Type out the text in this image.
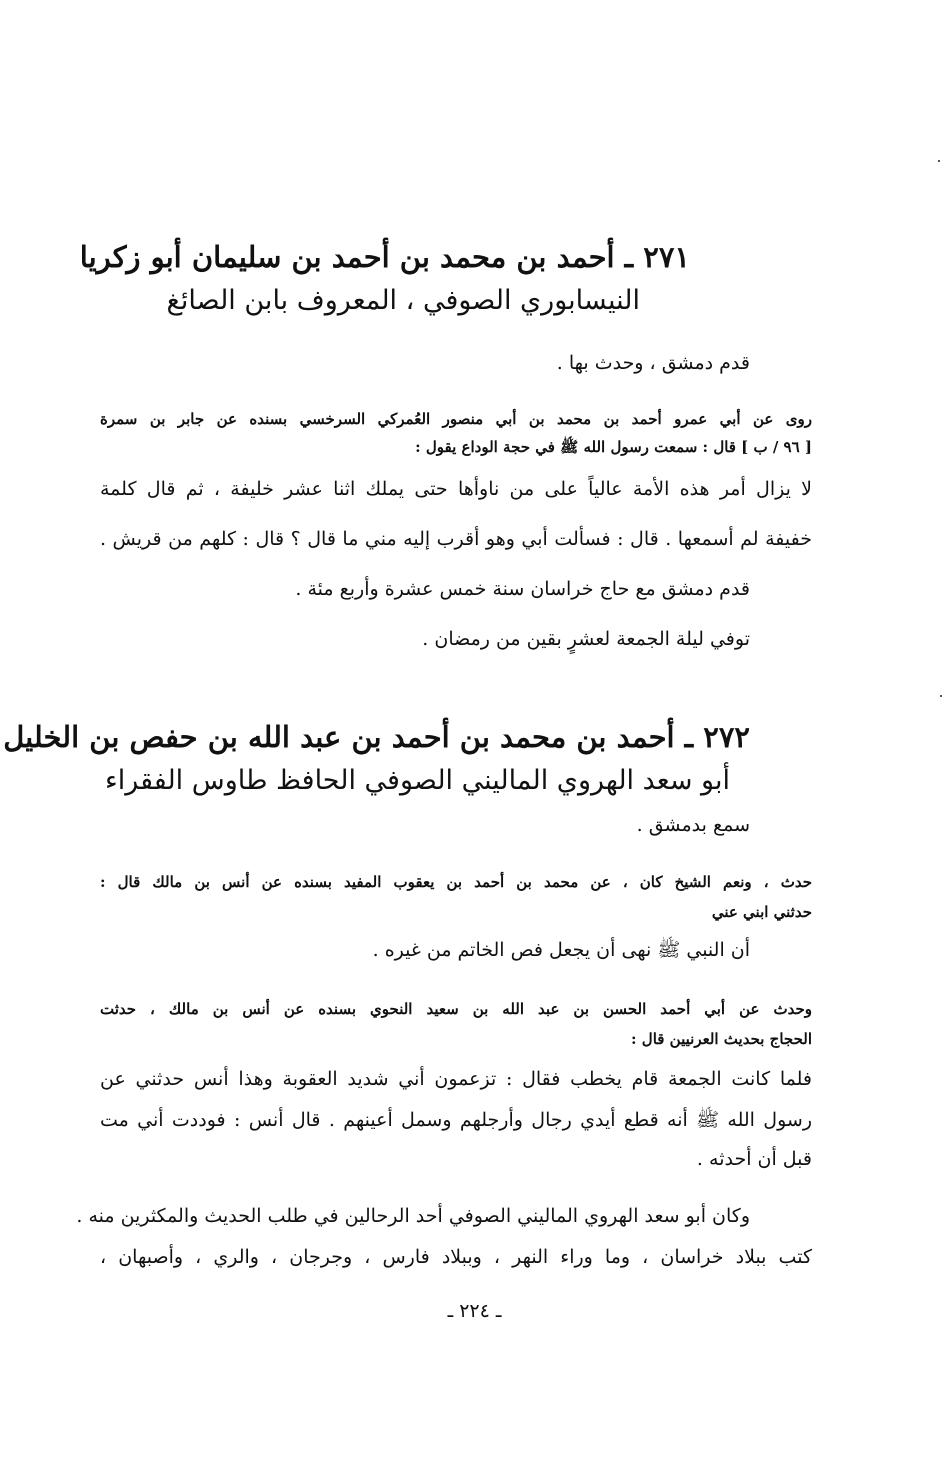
٢٧١ ـ أحمد بن محمد بن أحمد بن سليمان أبو زكريا
النيسابوري الصوفي ، المعروف بابن الصائغ
قدم دمشق ، وحدث بها .
روى عن أبي عمرو أحمد بن محمد بن أبي منصور العُمركي السرخسي بسنده عن جابر بن سمرة
[ ٩٦ / ب ] قال : سمعت رسول الله ﷺ في حجة الوداع يقول :
لا يزال أمر هذه الأمة عالياً على من ناوأها حتى يملك اثنا عشر خليفة ، ثم قال كلمة
خفيفة لم أسمعها . قال : فسألت أبي وهو أقرب إليه مني ما قال ؟ قال : كلهم من قريش .
قدم دمشق مع حاج خراسان سنة خمس عشرة وأربع مئة .
توفي ليلة الجمعة لعشرٍ بقين من رمضان .
٢٧٢ ـ أحمد بن محمد بن أحمد بن عبد الله بن حفص بن الخليل
أبو سعد الهروي الماليني الصوفي الحافظ طاوس الفقراء
سمع بدمشق .
حدث ، ونعم الشيخ كان ، عن محمد بن أحمد بن يعقوب المفيد بسنده عن أنس بن مالك قال :
حدثني ابني عني
أن النبي ﷺ نهى أن يجعل فص الخاتم من غيره .
وحدث عن أبي أحمد الحسن بن عبد الله بن سعيد النحوي بسنده عن أنس بن مالك ، حدثت
الحجاج بحديث العرنيين قال :
فلما كانت الجمعة قام يخطب فقال : تزعمون أني شديد العقوبة وهذا أنس حدثني عن
رسول الله ﷺ أنه قطع أيدي رجال وأرجلهم وسمل أعينهم . قال أنس : فوددت أني مت
قبل أن أحدثه .
وكان أبو سعد الهروي الماليني الصوفي أحد الرحالين في طلب الحديث والمكثرين منه .
كتب ببلاد خراسان ، وما وراء النهر ، وببلاد فارس ، وجرجان ، والري ، وأصبهان ،
ـ ٢٢٤ ـ
